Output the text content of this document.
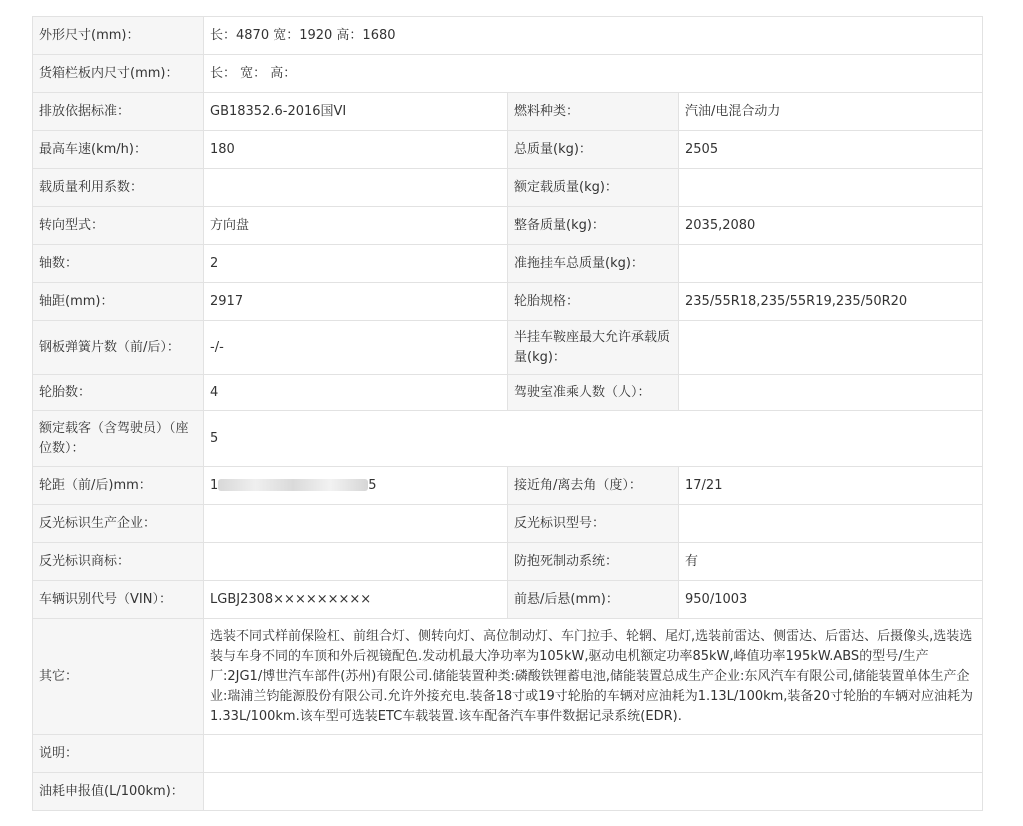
外形尺寸(mm)：	长：4870 宽：1920 高：1680		
货箱栏板内尺寸(mm)：	长： 宽： 高：		
排放依据标准：	GB18352.6-2016国VI	燃料种类：	汽油/电混合动力
最高车速(km/h)：	180	总质量(kg)：	2505
载质量利用系数：		额定载质量(kg)：	
转向型式：	方向盘	整备质量(kg)：	2035,2080
轴数：	2	准拖挂车总质量(kg)：	
轴距(mm)：	2917	轮胎规格：	235/55R18,235/55R19,235/50R20
钢板弹簧片数（前/后）：	-/-	半挂车鞍座最大允许承载质量(kg)：	
轮胎数：	4	驾驶室准乘人数（人）：	
额定载客（含驾驶员）（座位数）：	5		
轮距（前/后)mm：	1 5	接近角/离去角（度）：	17/21
反光标识生产企业：		反光标识型号：	
反光标识商标：		防抱死制动系统：	有
车辆识别代号（VIN）：	LGBJ2308×××××××××	前悬/后悬(mm)：	950/1003
其它：	选装不同式样前保险杠、前组合灯、侧转向灯、高位制动灯、车门拉手、轮辋、尾灯,选装前雷达、侧雷达、后雷达、后摄像头,选装选装与车身不同的车顶和外后视镜配色.发动机最大净功率为105kW,驱动电机额定功率85kW,峰值功率195kW.ABS的型号/生产厂:2JG1/博世汽车部件(苏州)有限公司.储能装置种类:磷酸铁锂蓄电池,储能装置总成生产企业:东风汽车有限公司,储能装置单体生产企业:瑞浦兰钧能源股份有限公司.允许外接充电.装备18寸或19寸轮胎的车辆对应油耗为1.13L/100km,装备20寸轮胎的车辆对应油耗为1.33L/100km.该车型可选装ETC车载装置.该车配备汽车事件数据记录系统(EDR).		
说明：			
油耗申报值(L/100km)：			
